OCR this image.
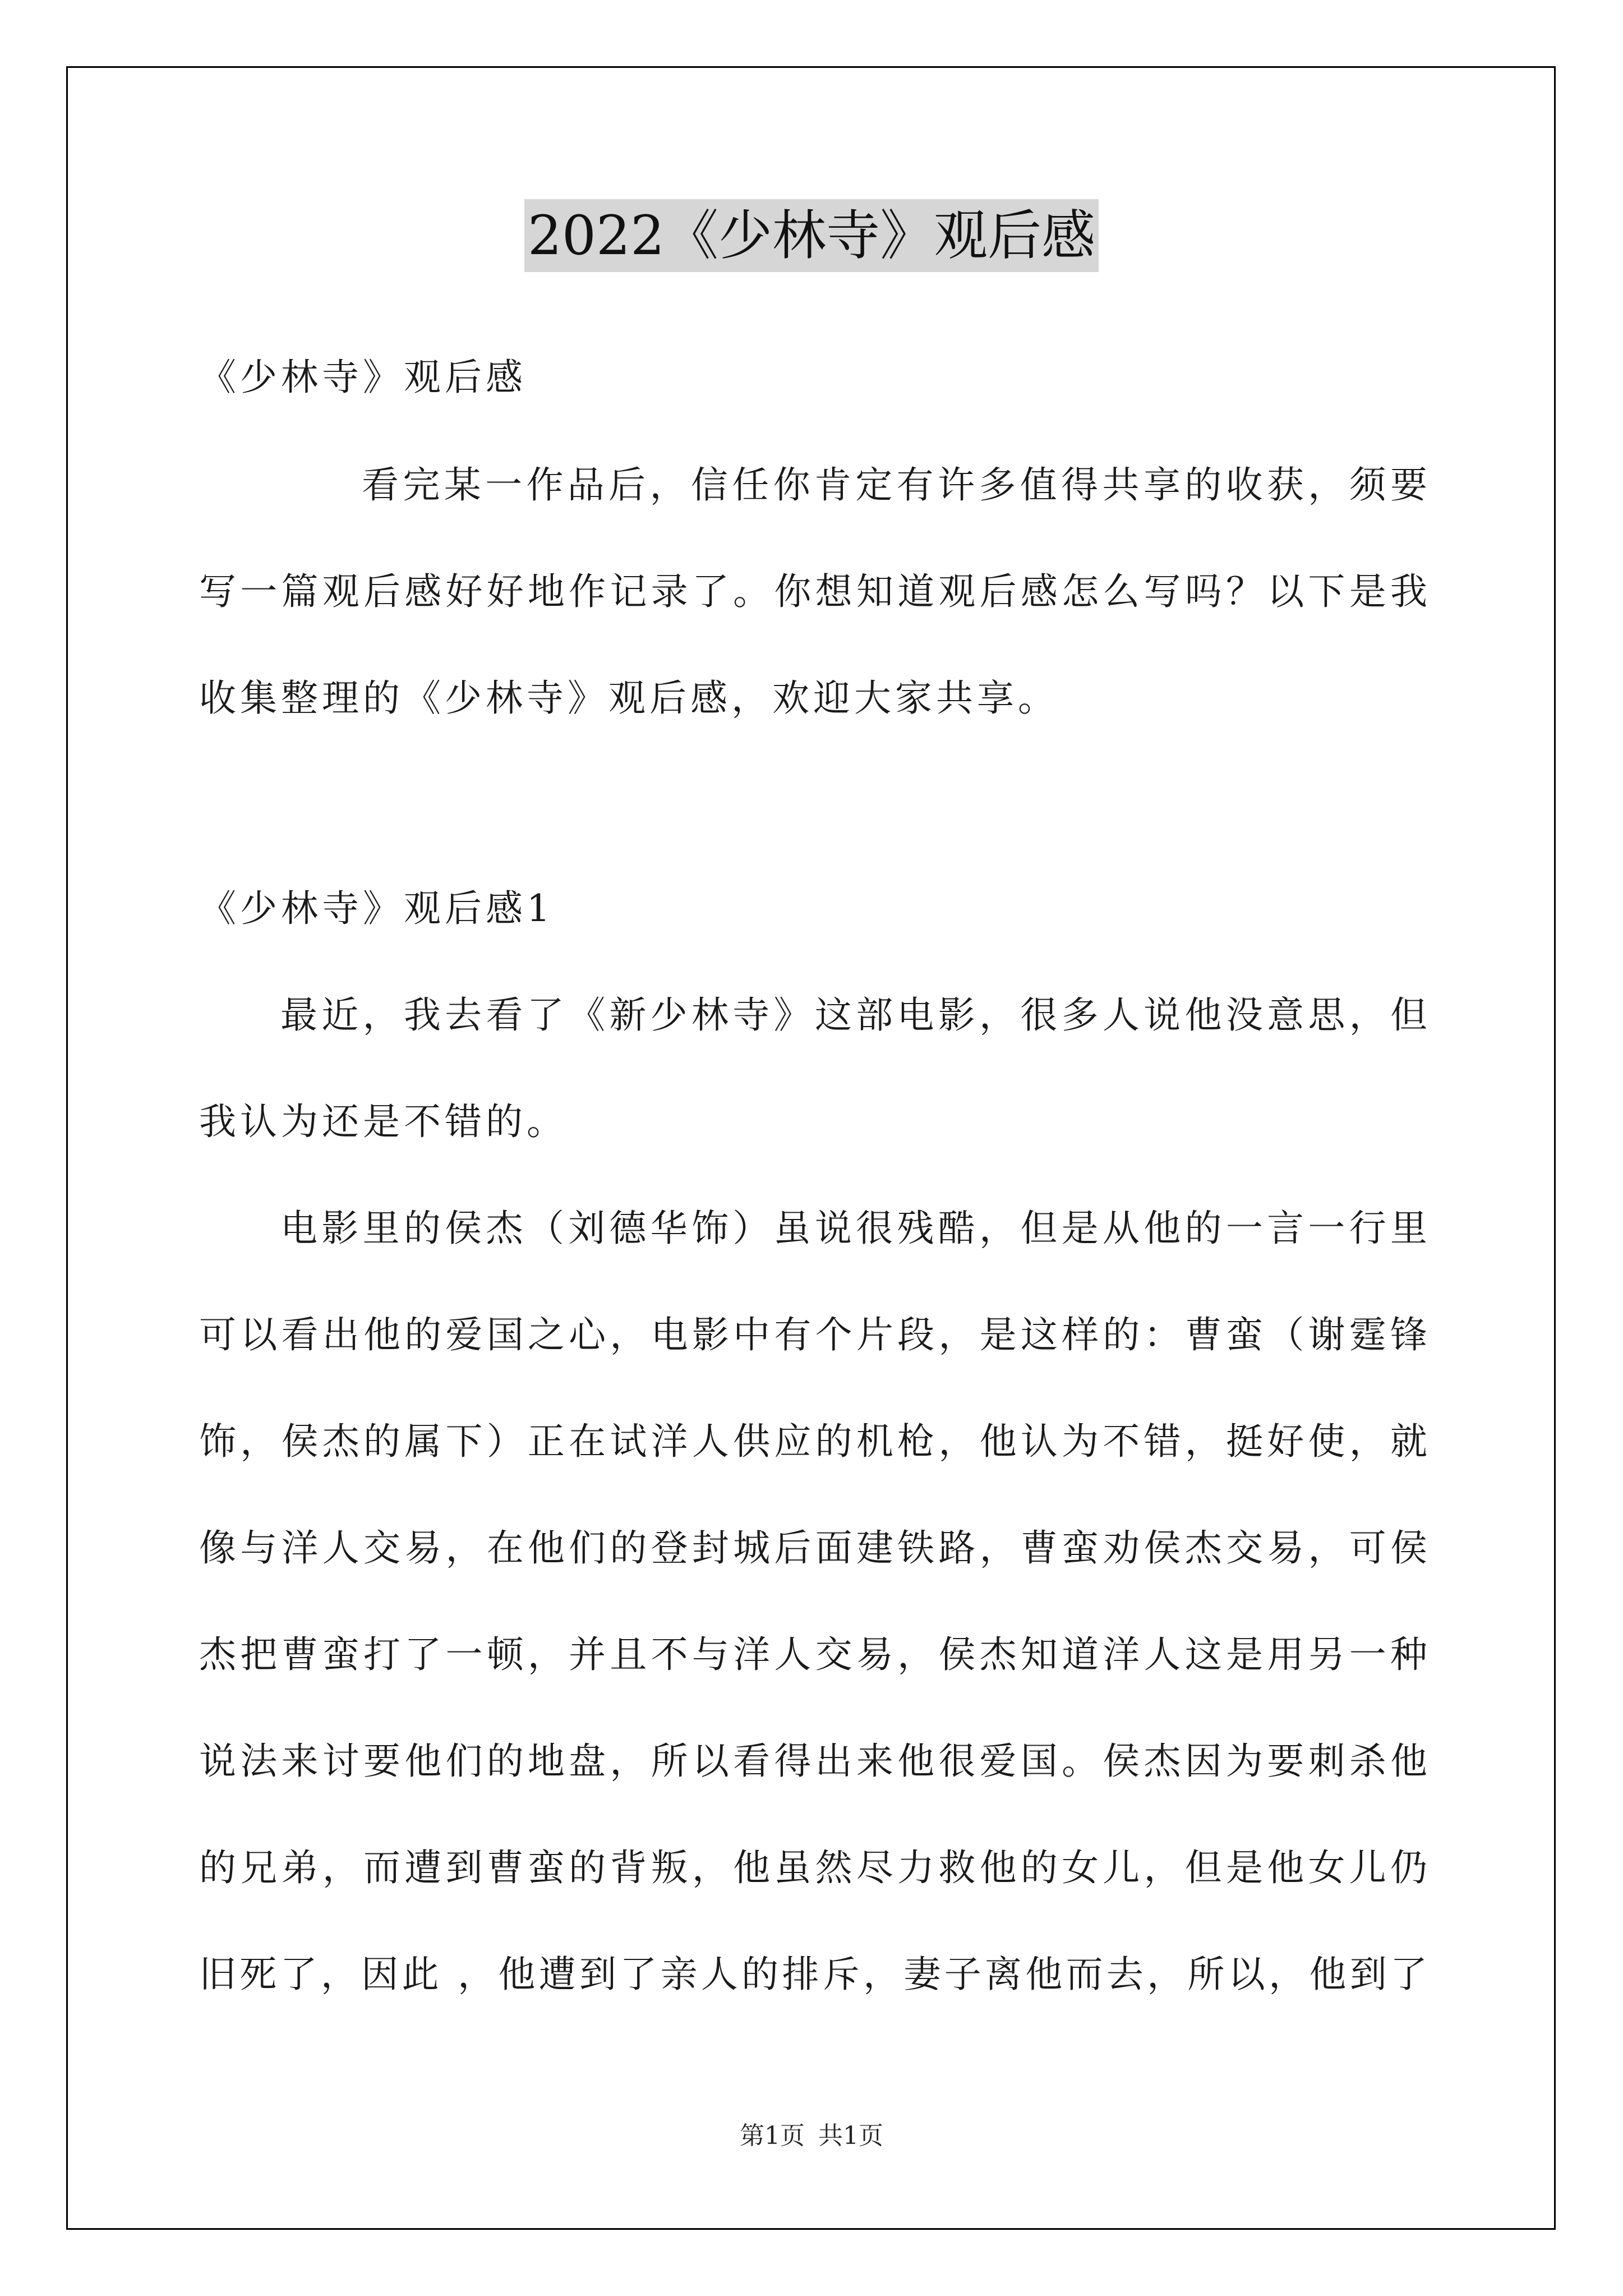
2022《少林寺》观后感
《少林寺》观后感
看完某一作品后，信任你肯定有许多值得共享的收获，须要
写一篇观后感好好地作记录了。你想知道观后感怎么写吗？以下是我
收集整理的《少林寺》观后感，欢迎大家共享。
《少林寺》观后感1
最近，我去看了《新少林寺》这部电影，很多人说他没意思，但
我认为还是不错的。
电影里的侯杰（刘德华饰）虽说很残酷，但是从他的一言一行里
可以看出他的爱国之心，电影中有个片段，是这样的：曹蛮（谢霆锋
饰，侯杰的属下）正在试洋人供应的机枪，他认为不错，挺好使，就
像与洋人交易，在他们的登封城后面建铁路，曹蛮劝侯杰交易，可侯
杰把曹蛮打了一顿，并且不与洋人交易，侯杰知道洋人这是用另一种
说法来讨要他们的地盘，所以看得出来他很爱国。侯杰因为要刺杀他
的兄弟，而遭到曹蛮的背叛，他虽然尽力救他的女儿，但是他女儿仍
旧死了，因此 ，他遭到了亲人的排斥，妻子离他而去，所以，他到了
第1页 共1页
